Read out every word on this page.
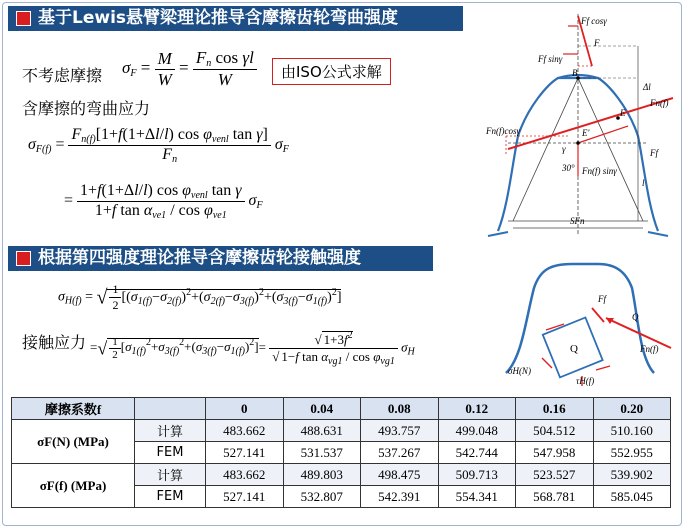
基于Lewis悬臂梁理论推导含摩擦齿轮弯曲强度
不考虑摩擦 $\sigma_F = \frac{M}{W} = \frac{F_n \cos \gamma l}{W}$	由ISO公式求解
含摩擦的弯曲应力
$\sigma_{F(f)} = \frac{F_{n(f)}[1+f(1+\Delta l/l) \cos \varphi_{venl} \tan \gamma]}{F_n} \sigma_F$
= $\frac{1+f(1+\Delta l/l) \cos \varphi_{venl} \tan \gamma}{1+f \tan \alpha_{ve1} / \cos \varphi_{ve1}} \sigma_F$
根据第四强度理论推导含摩擦齿轮接触强度
$\sigma_{H(f)}$ = √ $\frac{1}{2} [(\sigma_{1(f)}-\sigma_{2(f)})^2+(\sigma_{2(f)}-\sigma_{3(f)})^2+(\sigma_{3(f)}-\sigma_{1(f)})^2]$
接触应力 =√ $\frac{1}{2} [\sigma_{1(f)}^2+\sigma_{3(f)}^2+(\sigma_{3(f)}-\sigma_{1(f)})^2]= \frac{√ 1+3f^2}{√ 1-f \tan \alpha_{vg1} / \cos \varphi_{vg1}} \sigma_H$
Ff cosγ
F
Ff sinγ
B
Δl
Fn(f)
E
Ff
Fn(f)cosγ	E'
γ
30° Fn(f) sinγ
l
SFn
Ff
Q
Fn(f)
σH(N)
τH(f)
Q
摩擦系数f		0	0.04	0.08	0.12	0.16	0.20
σF(N) (MPa)	计算	483.662	488.631	493.757	499.048	504.512	510.160
	FEM	527.141	531.537	537.267	542.744	547.958	552.955
σF(f) (MPa)	计算	483.662	489.803	498.475	509.713	523.527	539.902
	FEM	527.141	532.807	542.391	554.341	568.781	585.045
